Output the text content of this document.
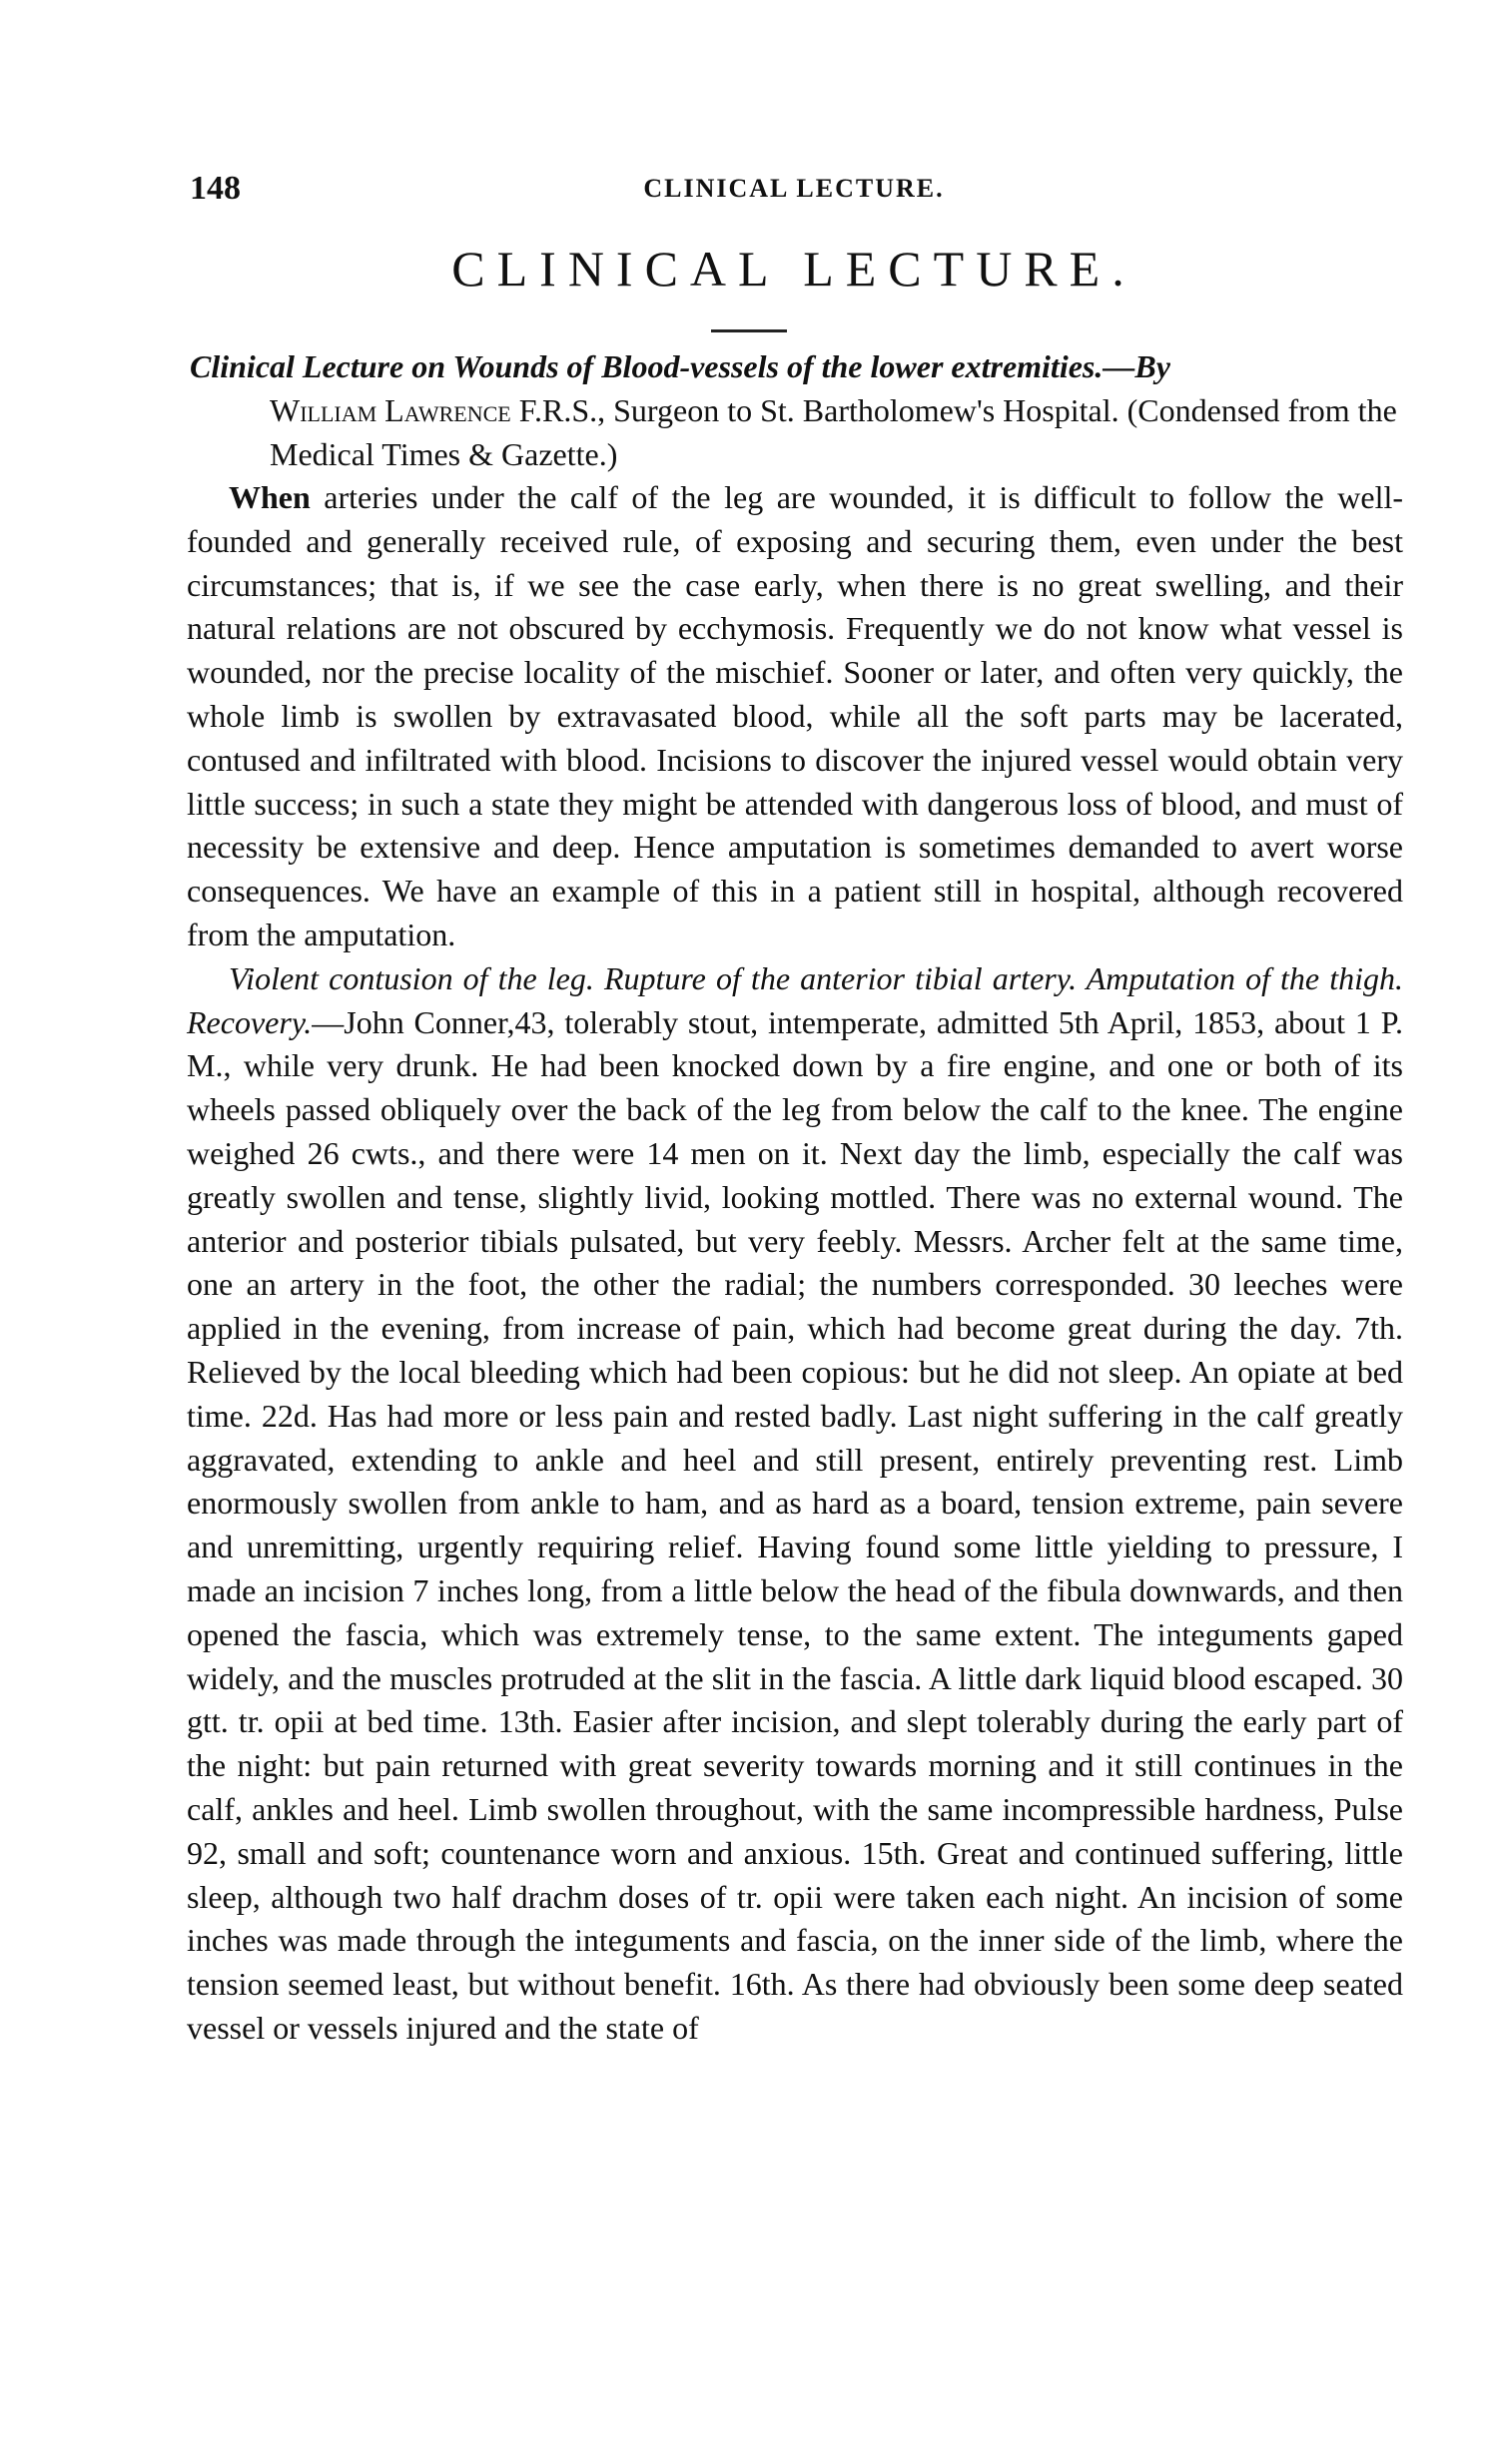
148	CLINICAL LECTURE.
CLINICAL LECTURE.
Clinical Lecture on Wounds of Blood-vessels of the lower extremities.—By
William Lawrence F.R.S., Surgeon to St. Bartholomew's Hospital. (Condensed from the Medical Times & Gazette.)

When arteries under the calf of the leg are wounded, it is difficult to follow the well-founded and generally received rule, of exposing and securing them, even under the best circumstances; that is, if we see the case early, when there is no great swelling, and their natural relations are not obscured by ecchymosis. Frequently we do not know what vessel is wounded, nor the precise locality of the mischief. Sooner or later, and often very quickly, the whole limb is swollen by extravasated blood, while all the soft parts may be lacerated, contused and infiltrated with blood. Incisions to discover the injured vessel would obtain very little success; in such a state they might be attended with dangerous loss of blood, and must of necessity be extensive and deep. Hence amputation is sometimes demanded to avert worse consequences. We have an example of this in a patient still in hospital, although recovered from the amputation.

Violent contusion of the leg. Rupture of the anterior tibial artery. Amputation of the thigh. Recovery.—John Conner,43, tolerably stout, intemperate, admitted 5th April, 1853, about 1 P. M., while very drunk. He had been knocked down by a fire engine, and one or both of its wheels passed obliquely over the back of the leg from below the calf to the knee. The engine weighed 26 cwts., and there were 14 men on it. Next day the limb, especially the calf was greatly swollen and tense, slightly livid, looking mottled. There was no external wound. The anterior and posterior tibials pulsated, but very feebly. Messrs. Archer felt at the same time, one an artery in the foot, the other the radial; the numbers corresponded. 30 leeches were applied in the evening, from increase of pain, which had become great during the day. 7th. Relieved by the local bleeding which had been copious: but he did not sleep. An opiate at bed time. 22d. Has had more or less pain and rested badly. Last night suffering in the calf greatly aggravated, extending to ankle and heel and still present, entirely preventing rest. Limb enormously swollen from ankle to ham, and as hard as a board, tension extreme, pain severe and unremitting, urgently requiring relief. Having found some little yielding to pressure, I made an incision 7 inches long, from a little below the head of the fibula downwards, and then opened the fascia, which was extremely tense, to the same extent. The integuments gaped widely, and the muscles protruded at the slit in the fascia. A little dark liquid blood escaped. 30 gtt. tr. opii at bed time. 13th. Easier after incision, and slept tolerably during the early part of the night: but pain returned with great severity towards morning and it still continues in the calf, ankles and heel. Limb swollen throughout, with the same incompressible hardness, Pulse 92, small and soft; countenance worn and anxious. 15th. Great and continued suffering, little sleep, although two half drachm doses of tr. opii were taken each night. An incision of some inches was made through the integuments and fascia, on the inner side of the limb, where the tension seemed least, but without benefit. 16th. As there had obviously been some deep seated vessel or vessels injured and the state of
